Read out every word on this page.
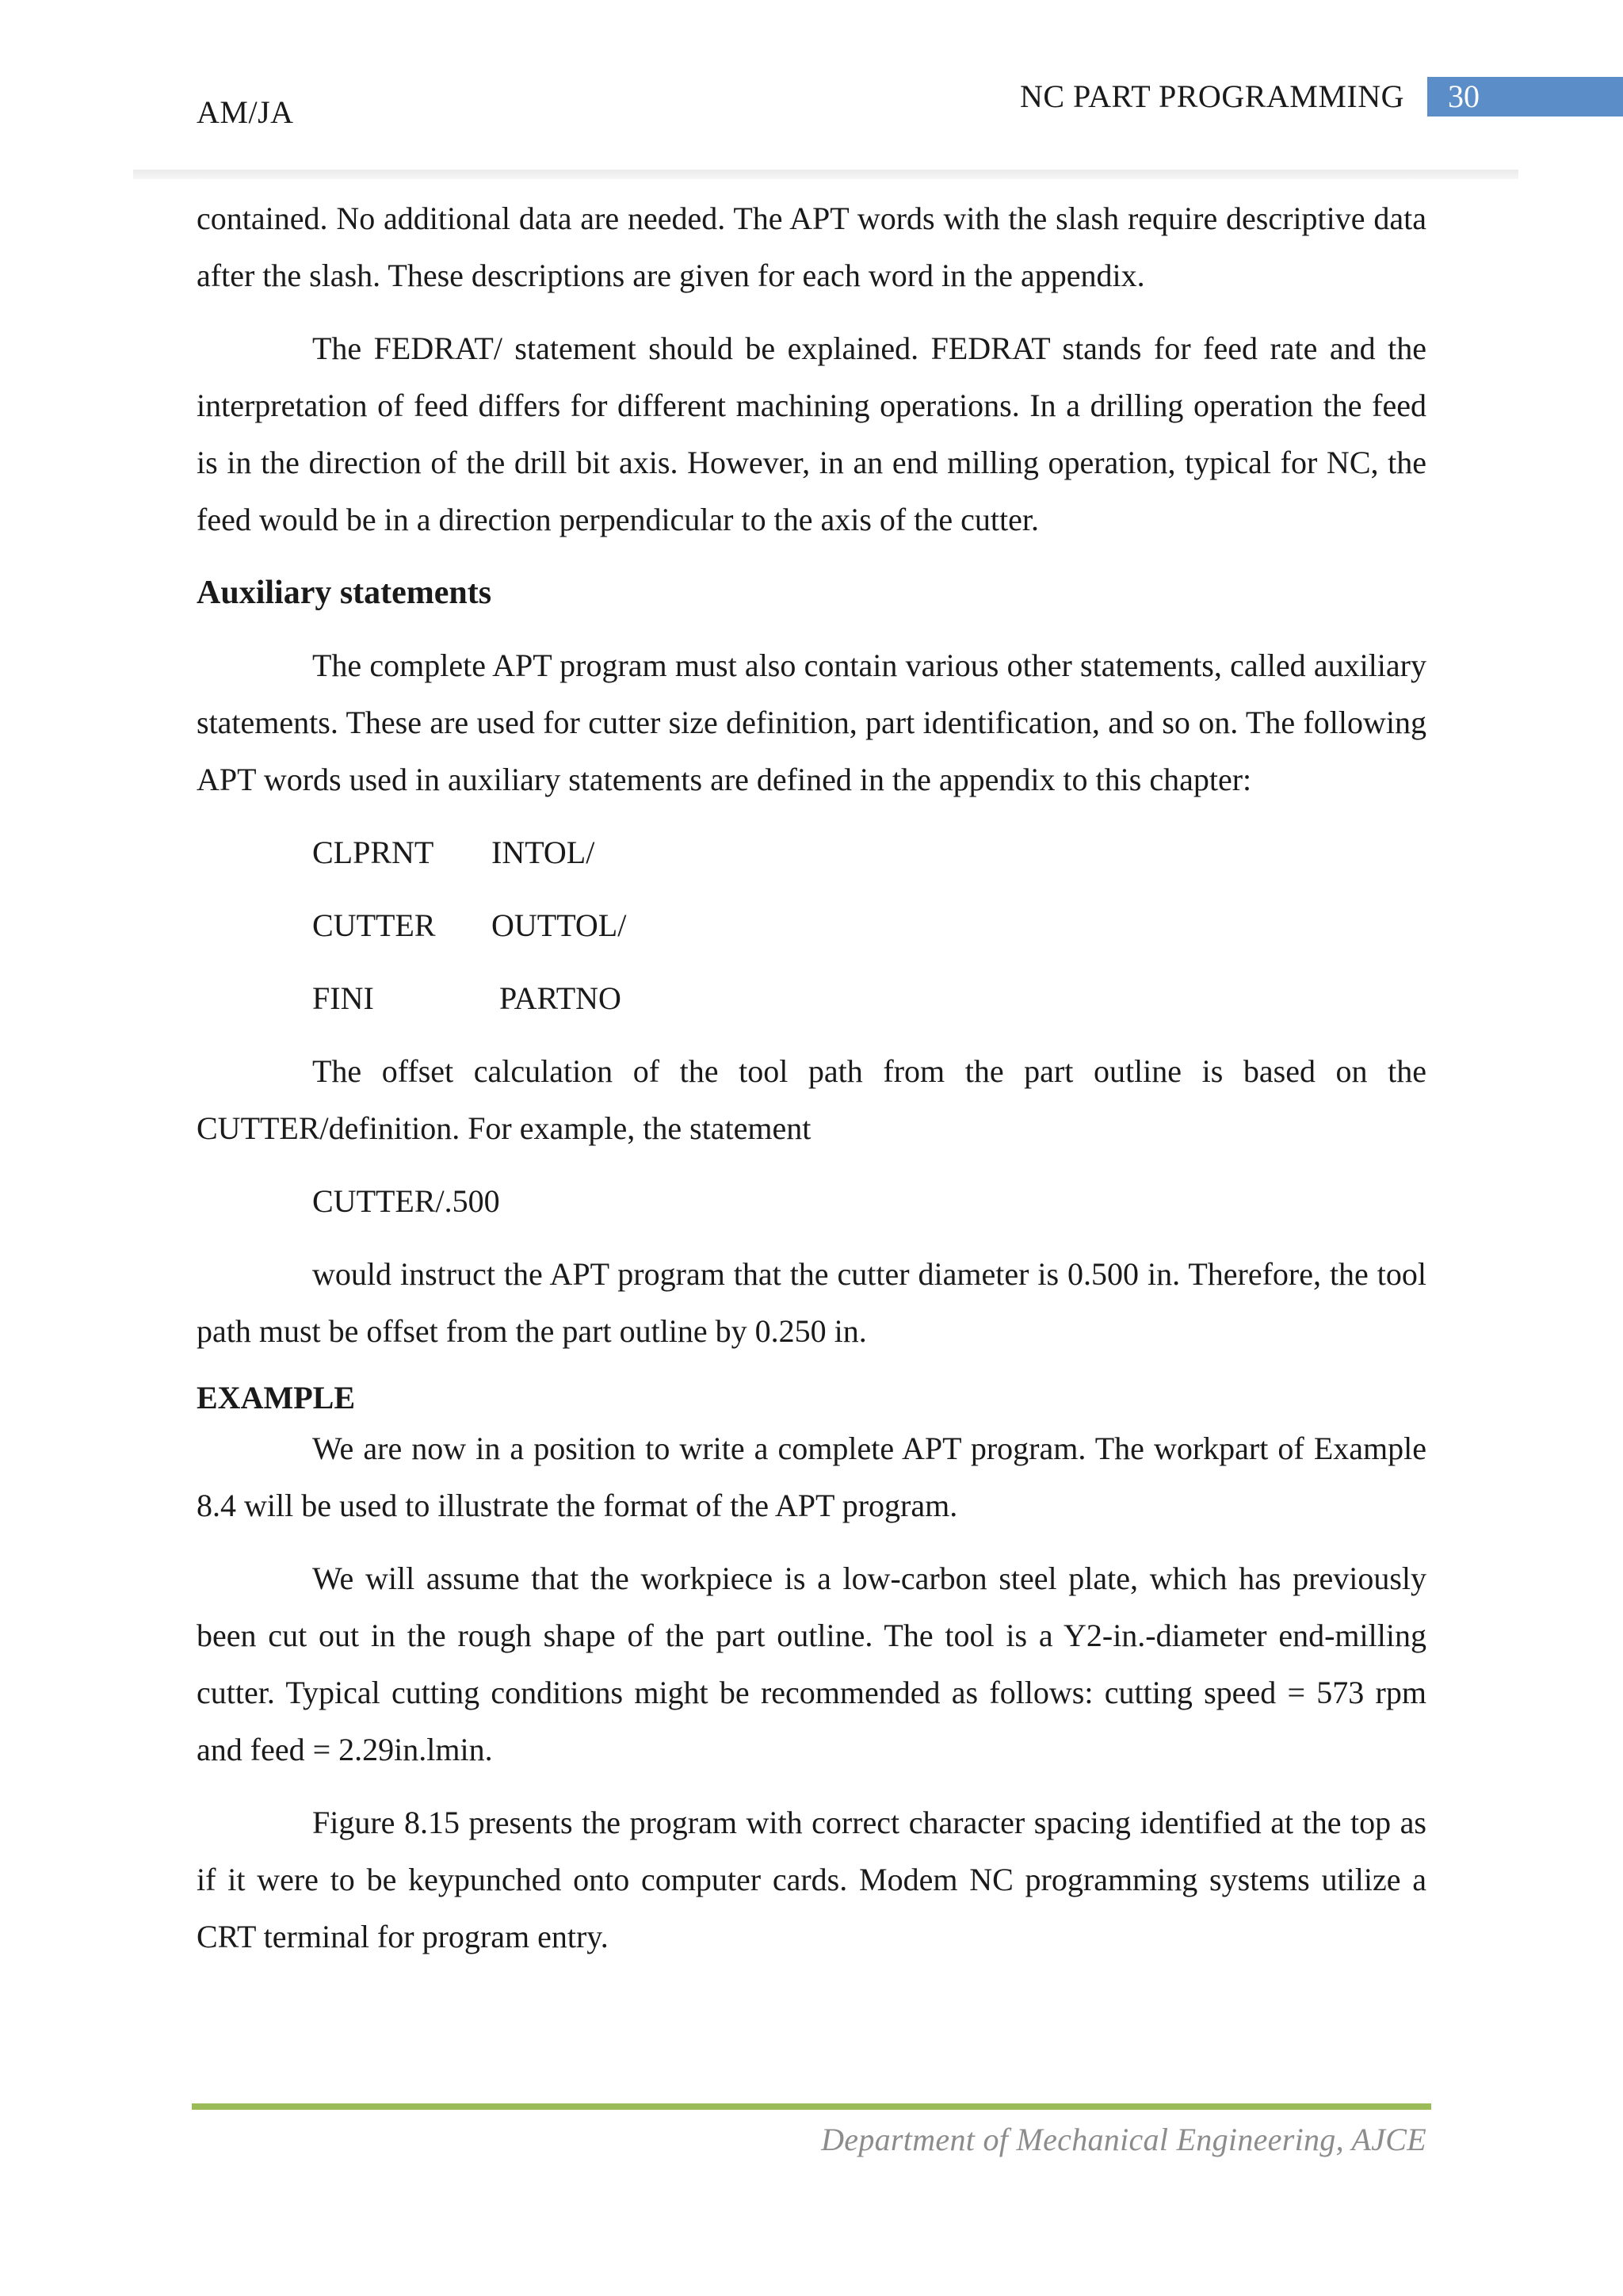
AM/JA	NC PART PROGRAMMING	30

contained. No additional data are needed. The APT words with the slash require descriptive data after the slash. These descriptions are given for each word in the appendix.

The FEDRAT/ statement should be explained. FEDRAT stands for feed rate and the interpretation of feed differs for different machining operations. In a drilling operation the feed is in the direction of the drill bit axis. However, in an end milling operation, typical for NC, the feed would be in a direction perpendicular to the axis of the cutter.

Auxiliary statements

The complete APT program must also contain various other statements, called auxiliary statements. These are used for cutter size definition, part identification, and so on. The following APT words used in auxiliary statements are defined in the appendix to this chapter:

CLPRNT INTOL/
CUTTER OUTTOL/
FINI	PARTNO

The offset calculation of the tool path from the part outline is based on the CUTTER/definition. For example, the statement

CUTTER/.500

would instruct the APT program that the cutter diameter is 0.500 in. Therefore, the tool path must be offset from the part outline by 0.250 in.

EXAMPLE

We are now in a position to write a complete APT program. The workpart of Example 8.4 will be used to illustrate the format of the APT program.

We will assume that the workpiece is a low-carbon steel plate, which has previously been cut out in the rough shape of the part outline. The tool is a Y2-in.-diameter end-milling cutter. Typical cutting conditions might be recommended as follows: cutting speed = 573 rpm and feed = 2.29in.lmin.

Figure 8.15 presents the program with correct character spacing identified at the top as if it were to be keypunched onto computer cards. Modem NC programming systems utilize a CRT terminal for program entry.

Department of Mechanical Engineering, AJCE
